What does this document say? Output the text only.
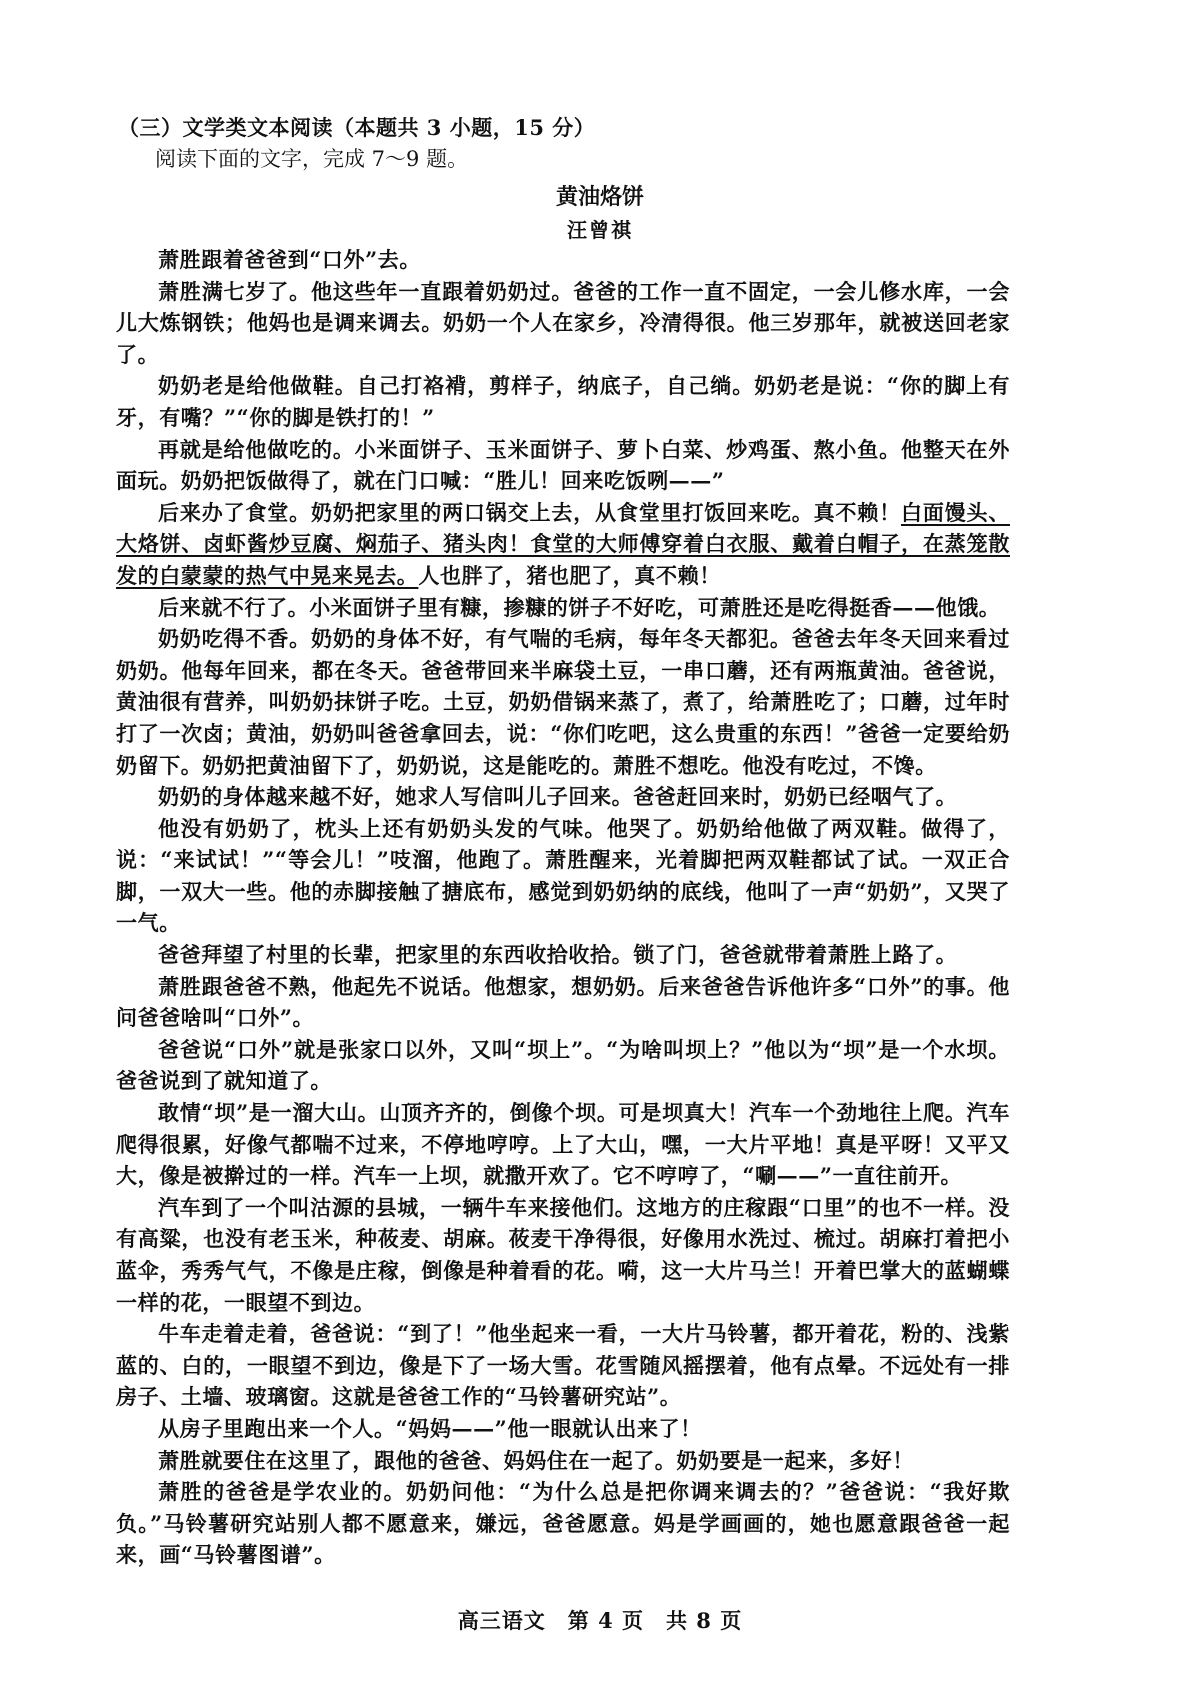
（三）文学类文本阅读（本题共 3 小题，15 分）
阅读下面的文字，完成 7～9 题。
黄油烙饼
汪曾祺

萧胜跟着爸爸到“口外”去。

萧胜满七岁了。他这些年一直跟着奶奶过。爸爸的工作一直不固定，一会儿修水库，一会儿大炼钢铁；他妈也是调来调去。奶奶一个人在家乡，冷清得很。他三岁那年，就被送回老家了。

奶奶老是给他做鞋。自己打袼褙，剪样子，纳底子，自己绱。奶奶老是说：“你的脚上有牙，有嘴？”“你的脚是铁打的！”

再就是给他做吃的。小米面饼子、玉米面饼子、萝卜白菜、炒鸡蛋、熬小鱼。他整天在外面玩。奶奶把饭做得了，就在门口喊：“胜儿！回来吃饭咧——”

后来办了食堂。奶奶把家里的两口锅交上去，从食堂里打饭回来吃。真不赖！白面馒头、大烙饼、卤虾酱炒豆腐、焖茄子、猪头肉！食堂的大师傅穿着白衣服、戴着白帽子，在蒸笼散发的白蒙蒙的热气中晃来晃去。人也胖了，猪也肥了，真不赖！

后来就不行了。小米面饼子里有糠，掺糠的饼子不好吃，可萧胜还是吃得挺香——他饿。

奶奶吃得不香。奶奶的身体不好，有气喘的毛病，每年冬天都犯。爸爸去年冬天回来看过奶奶。他每年回来，都在冬天。爸爸带回来半麻袋土豆，一串口蘑，还有两瓶黄油。爸爸说，黄油很有营养，叫奶奶抹饼子吃。土豆，奶奶借锅来蒸了，煮了，给萧胜吃了；口蘑，过年时打了一次卤；黄油，奶奶叫爸爸拿回去，说：“你们吃吧，这么贵重的东西！”爸爸一定要给奶奶留下。奶奶把黄油留下了，奶奶说，这是能吃的。萧胜不想吃。他没有吃过，不馋。

奶奶的身体越来越不好，她求人写信叫儿子回来。爸爸赶回来时，奶奶已经咽气了。

他没有奶奶了，枕头上还有奶奶头发的气味。他哭了。奶奶给他做了两双鞋。做得了，说：“来试试！”“等会儿！”吱溜，他跑了。萧胜醒来，光着脚把两双鞋都试了试。一双正合脚，一双大一些。他的赤脚接触了搪底布，感觉到奶奶纳的底线，他叫了一声“奶奶”，又哭了一气。

爸爸拜望了村里的长辈，把家里的东西收拾收拾。锁了门，爸爸就带着萧胜上路了。

萧胜跟爸爸不熟，他起先不说话。他想家，想奶奶。后来爸爸告诉他许多“口外”的事。他问爸爸啥叫“口外”。

爸爸说“口外”就是张家口以外，又叫“坝上”。“为啥叫坝上？”他以为“坝”是一个水坝。爸爸说到了就知道了。

敢情“坝”是一溜大山。山顶齐齐的，倒像个坝。可是坝真大！汽车一个劲地往上爬。汽车爬得很累，好像气都喘不过来，不停地哼哼。上了大山，嘿，一大片平地！真是平呀！又平又大，像是被擀过的一样。汽车一上坝，就撒开欢了。它不哼哼了，“唰——”一直往前开。

汽车到了一个叫沽源的县城，一辆牛车来接他们。这地方的庄稼跟“口里”的也不一样。没有高粱，也没有老玉米，种莜麦、胡麻。莜麦干净得很，好像用水洗过、梳过。胡麻打着把小蓝伞，秀秀气气，不像是庄稼，倒像是种着看的花。嗬，这一大片马兰！开着巴掌大的蓝蝴蝶一样的花，一眼望不到边。

牛车走着走着，爸爸说：“到了！”他坐起来一看，一大片马铃薯，都开着花，粉的、浅紫蓝的、白的，一眼望不到边，像是下了一场大雪。花雪随风摇摆着，他有点晕。不远处有一排房子、土墙、玻璃窗。这就是爸爸工作的“马铃薯研究站”。

从房子里跑出来一个人。“妈妈——”他一眼就认出来了！

萧胜就要住在这里了，跟他的爸爸、妈妈住在一起了。奶奶要是一起来，多好！

萧胜的爸爸是学农业的。奶奶问他：“为什么总是把你调来调去的？”爸爸说：“我好欺负。”马铃薯研究站别人都不愿意来，嫌远，爸爸愿意。妈是学画画的，她也愿意跟爸爸一起来，画“马铃薯图谱”。

高三语文　第 4 页　共 8 页
